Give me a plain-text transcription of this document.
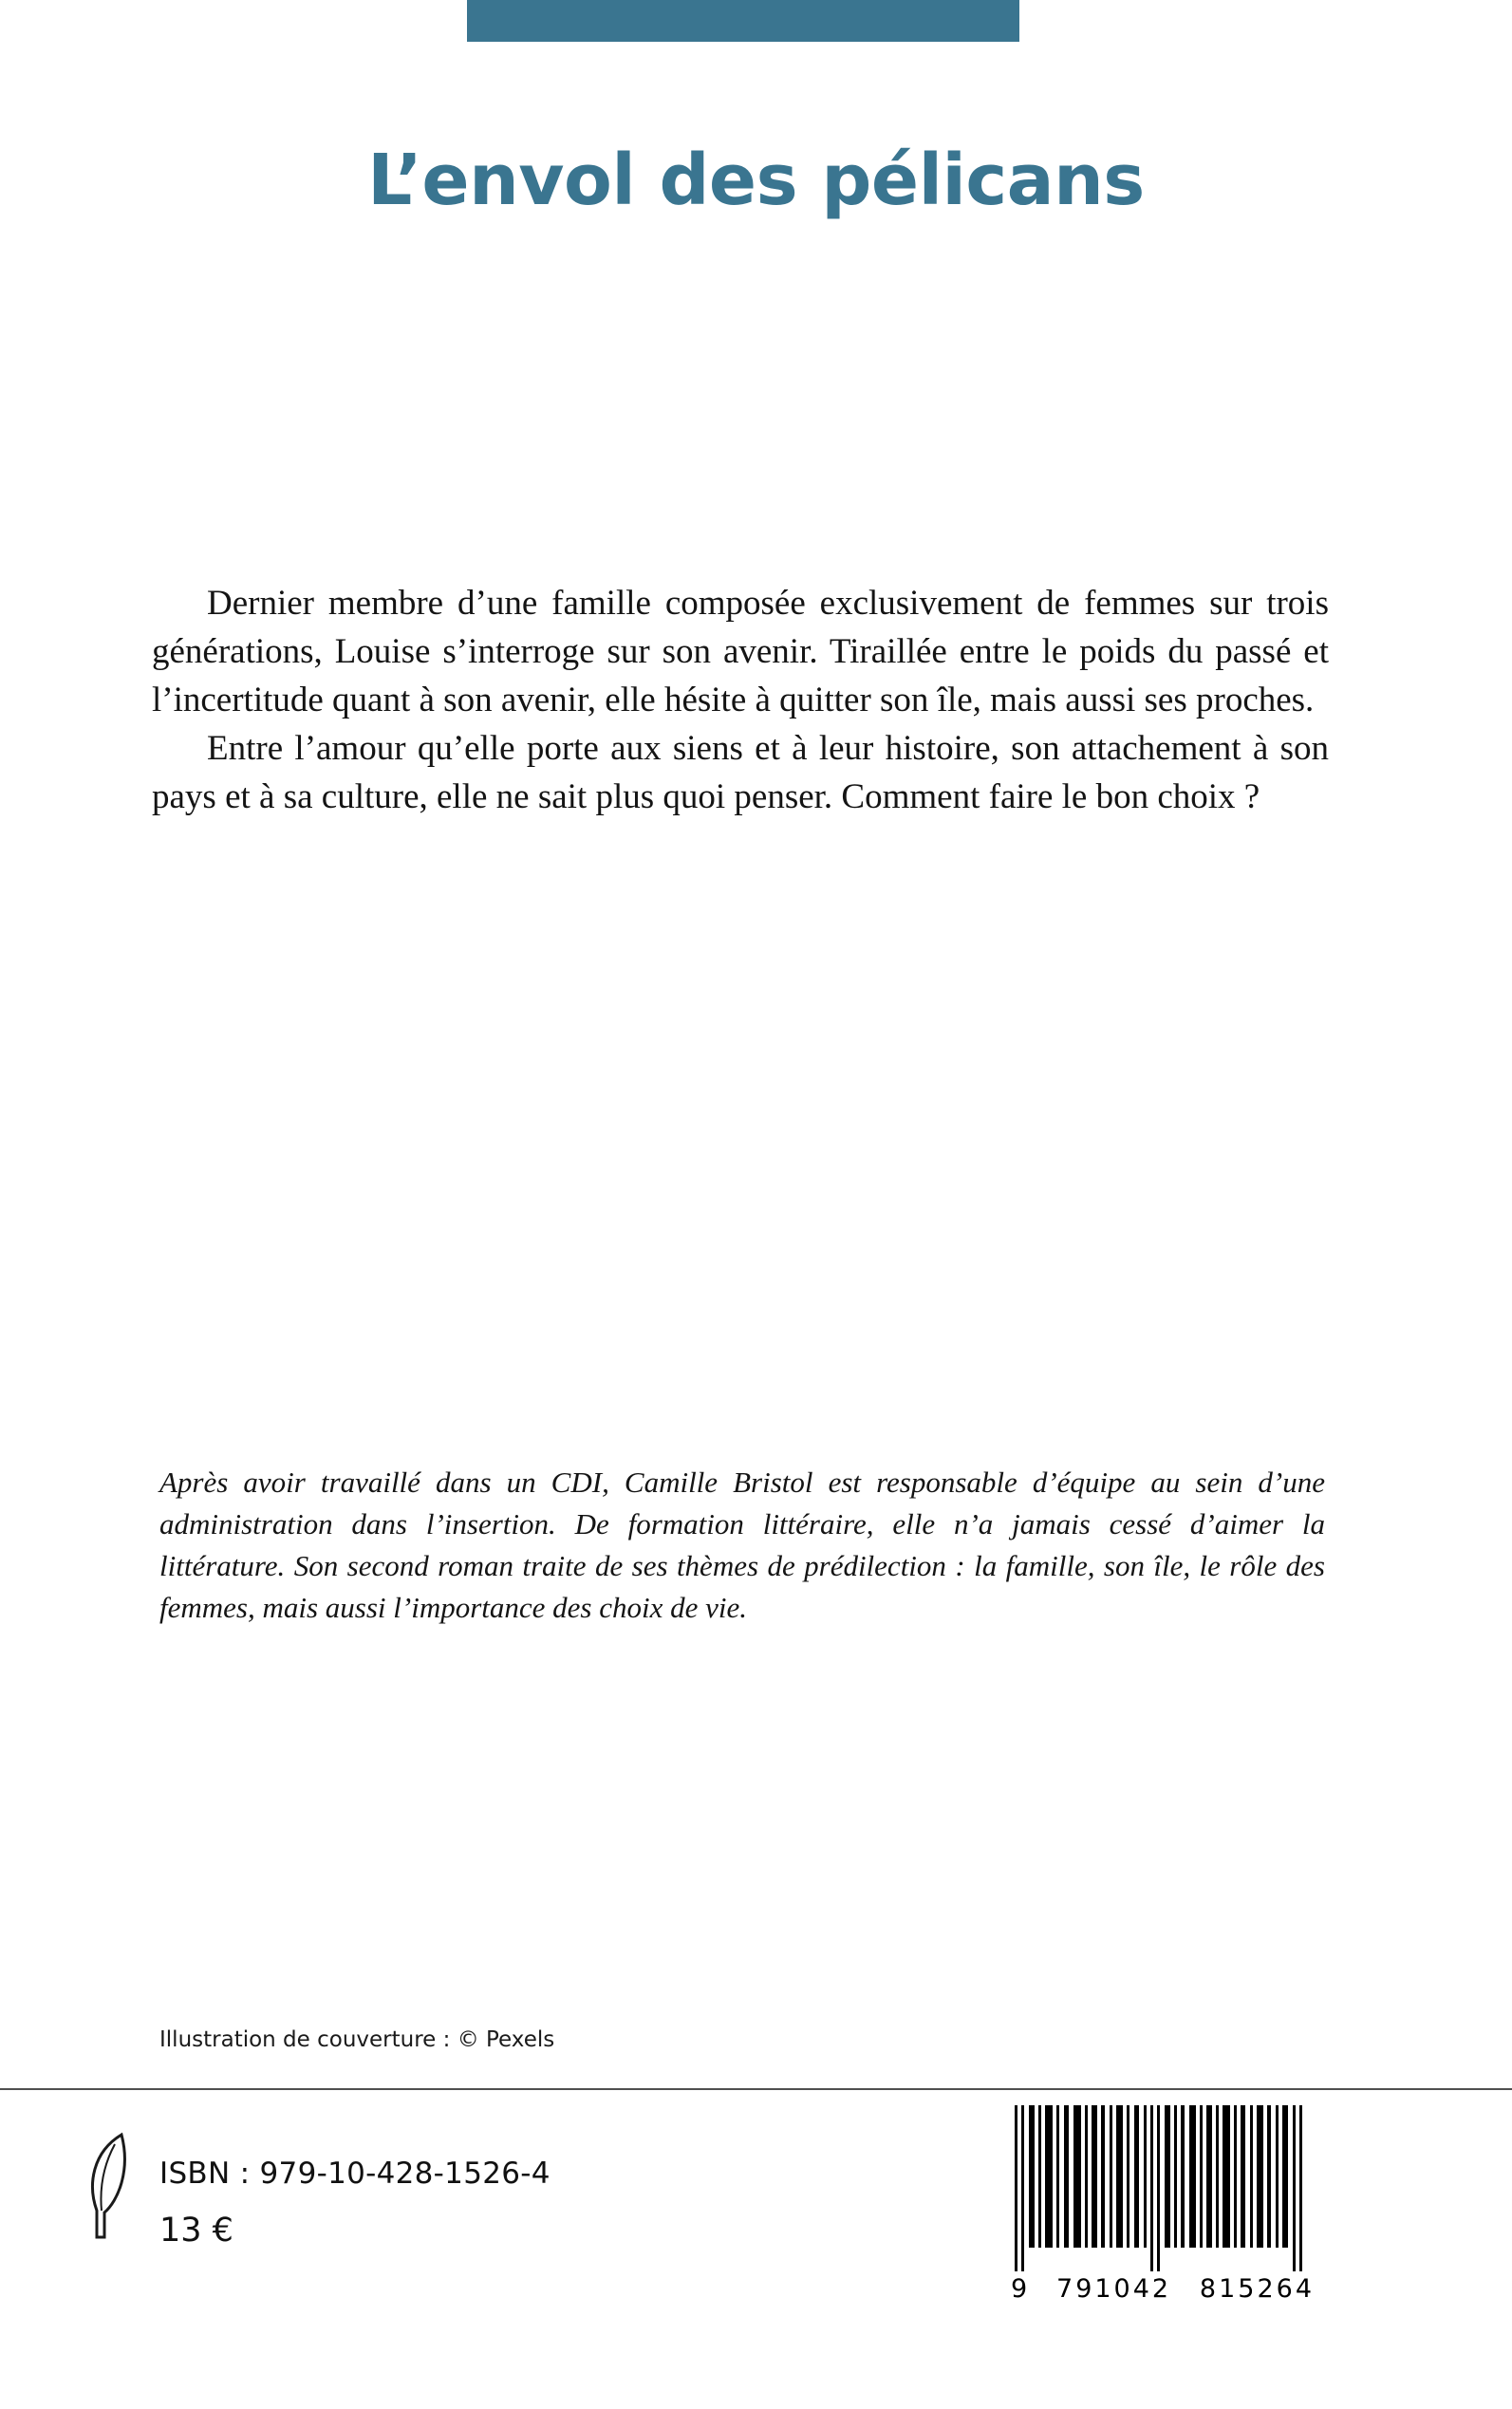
L’envol des pélicans

Dernier membre d’une famille composée exclusivement de femmes sur trois générations, Louise s’interroge sur son avenir. Tiraillée entre le poids du passé et l’incertitude quant à son avenir, elle hésite à quitter son île, mais aussi ses proches.

Entre l’amour qu’elle porte aux siens et à leur histoire, son attachement à son pays et à sa culture, elle ne sait plus quoi penser. Comment faire le bon choix ?

Après avoir travaillé dans un CDI, Camille Bristol est responsable d’équipe au sein d’une administration dans l’insertion. De formation littéraire, elle n’a jamais cessé d’aimer la littérature. Son second roman traite de ses thèmes de prédilection : la famille, son île, le rôle des femmes, mais aussi l’importance des choix de vie.

Illustration de couverture : © Pexels
ISBN : 979-10-428-1526-4
13 €
9 791042 815264
